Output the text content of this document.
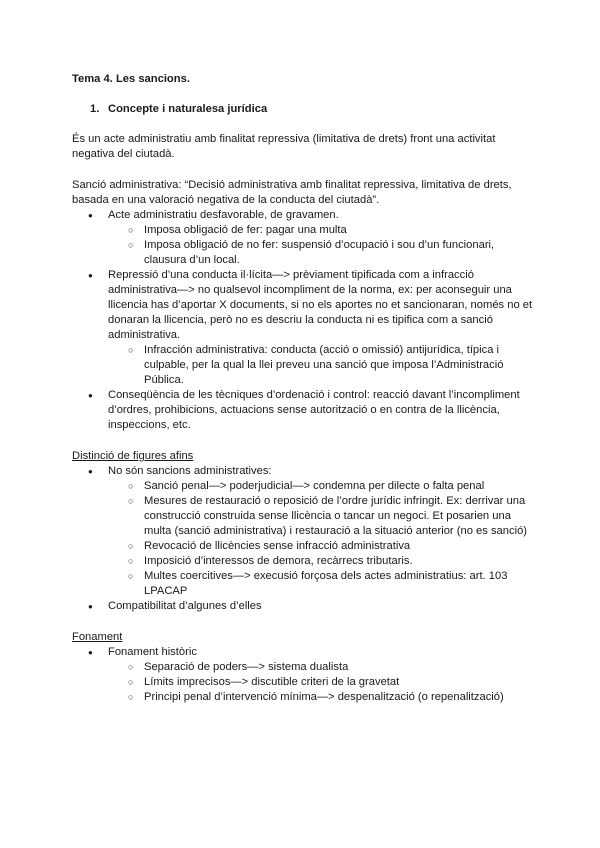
Tema 4. Les sancions.
1. Concepte i naturalesa jurídica

És un acte administratiu amb finalitat repressiva (limitativa de drets) front una activitat negativa del ciutadà.

Sanció administrativa: “Decisió administrativa amb finalitat repressiva, limitativa de drets, basada en una valoració negativa de la conducta del ciutadà”.

● Acte administratiu desfavorable, de gravamen.
○ Imposa obligació de fer: pagar una multa
○ Imposa obligació de no fer: suspensió d’ocupació i sou d’un funcionari, clausura d’un local.
● Repressió d’una conducta il·lícita—> prèviament tipificada com a infracció administrativa—> no qualsevol incompliment de la norma, ex: per aconseguir una llicencia has d’aportar X documents, si no els aportes no et sancionaran, només no et donaran la llicencia, però no es descriu la conducta ni es tipifica com a sanció administrativa.
○ Infracción administrativa: conducta (acció o omissió) antijurídica, típica i culpable, per la qual la llei preveu una sanció que imposa l’Administració Pública.
● Conseqüència de les tècniques d’ordenació i control: reacció davant l’incompliment d’ordres, prohibicions, actuacions sense autorització o en contra de la llicència, inspeccions, etc.

Distinció de figures afins

● No són sancions administratives:
○ Sanció penal—> poderjudicial—> condemna per dilecte o falta penal
○ Mesures de restauració o reposició de l’ordre jurídic infringit. Ex: derrivar una construcció construida sense llicència o tancar un negoci. Et posarien una multa (sanció administrativa) i restauració a la situació anterior (no es sanció)
○ Revocació de llicències sense infracció administrativa
○ Imposició d’interessos de demora, recàrrecs tributaris.
○ Multes coercitives—> execusió forçosa dels actes administratius: art. 103 LPACAP
● Compatibilitat d’algunes d’elles

Fonament

● Fonament històric
○ Separació de poders—> sistema dualista
○ Límits imprecisos—> discutible criteri de la gravetat
○ Principi penal d’intervenció mínima—> despenalització (o repenalització)
